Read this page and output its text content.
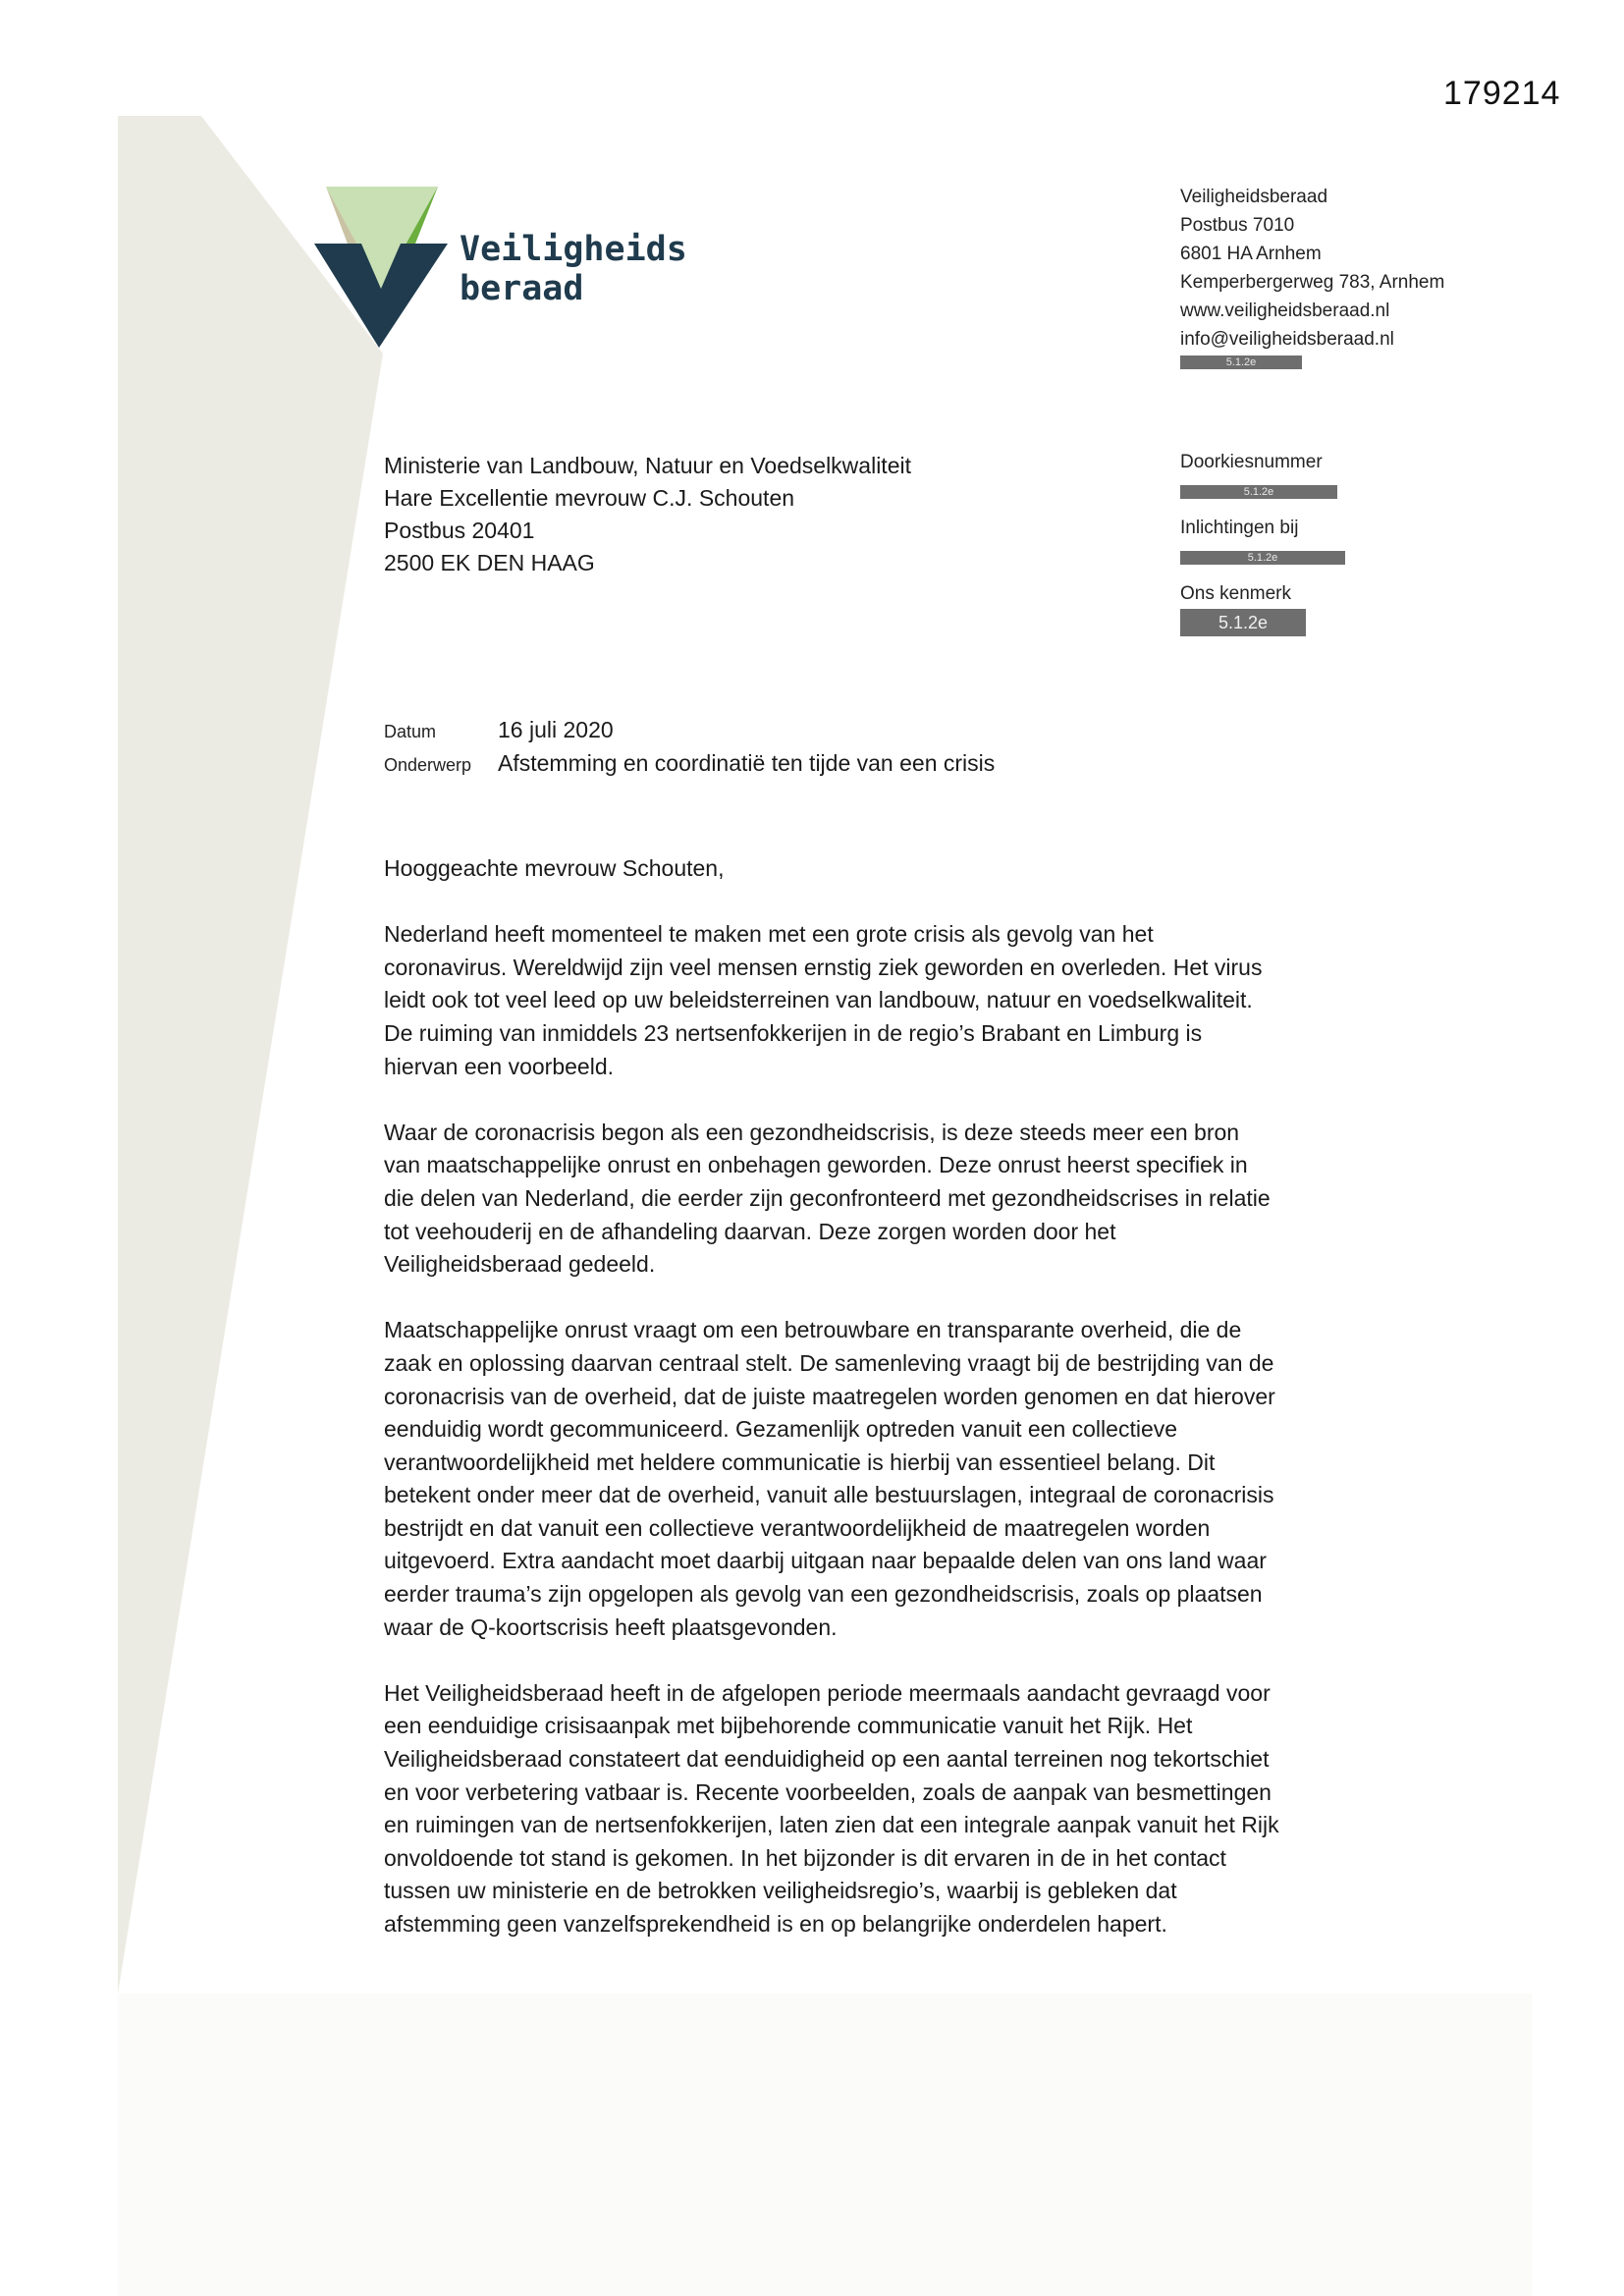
179214
Veiligheids
beraad
Veiligheidsberaad
Postbus 7010
6801 HA Arnhem
Kemperbergerweg 783, Arnhem
www.veiligheidsberaad.nl
info@veiligheidsberaad.nl
5.1.2e
Doorkiesnummer
5.1.2e
Inlichtingen bij
5.1.2e
Ons kenmerk
5.1.2e
Ministerie van Landbouw, Natuur en Voedselkwaliteit
Hare Excellentie mevrouw C.J. Schouten
Postbus 20401
2500 EK DEN HAAG
Datum	16 juli 2020
Onderwerp	Afstemming en coordinatië ten tijde van een crisis

Hooggeachte mevrouw Schouten,

Nederland heeft momenteel te maken met een grote crisis als gevolg van het
coronavirus. Wereldwijd zijn veel mensen ernstig ziek geworden en overleden. Het virus
leidt ook tot veel leed op uw beleidsterreinen van landbouw, natuur en voedselkwaliteit.
De ruiming van inmiddels 23 nertsenfokkerijen in de regio’s Brabant en Limburg is
hiervan een voorbeeld.

Waar de coronacrisis begon als een gezondheidscrisis, is deze steeds meer een bron
van maatschappelijke onrust en onbehagen geworden. Deze onrust heerst specifiek in
die delen van Nederland, die eerder zijn geconfronteerd met gezondheidscrises in relatie
tot veehouderij en de afhandeling daarvan. Deze zorgen worden door het
Veiligheidsberaad gedeeld.

Maatschappelijke onrust vraagt om een betrouwbare en transparante overheid, die de
zaak en oplossing daarvan centraal stelt. De samenleving vraagt bij de bestrijding van de
coronacrisis van de overheid, dat de juiste maatregelen worden genomen en dat hierover
eenduidig wordt gecommuniceerd. Gezamenlijk optreden vanuit een collectieve
verantwoordelijkheid met heldere communicatie is hierbij van essentieel belang. Dit
betekent onder meer dat de overheid, vanuit alle bestuurslagen, integraal de coronacrisis
bestrijdt en dat vanuit een collectieve verantwoordelijkheid de maatregelen worden
uitgevoerd. Extra aandacht moet daarbij uitgaan naar bepaalde delen van ons land waar
eerder trauma’s zijn opgelopen als gevolg van een gezondheidscrisis, zoals op plaatsen
waar de Q-koortscrisis heeft plaatsgevonden.

Het Veiligheidsberaad heeft in de afgelopen periode meermaals aandacht gevraagd voor
een eenduidige crisisaanpak met bijbehorende communicatie vanuit het Rijk. Het
Veiligheidsberaad constateert dat eenduidigheid op een aantal terreinen nog tekortschiet
en voor verbetering vatbaar is. Recente voorbeelden, zoals de aanpak van besmettingen
en ruimingen van de nertsenfokkerijen, laten zien dat een integrale aanpak vanuit het Rijk
onvoldoende tot stand is gekomen. In het bijzonder is dit ervaren in de in het contact
tussen uw ministerie en de betrokken veiligheidsregio’s, waarbij is gebleken dat
afstemming geen vanzelfsprekendheid is en op belangrijke onderdelen hapert.
